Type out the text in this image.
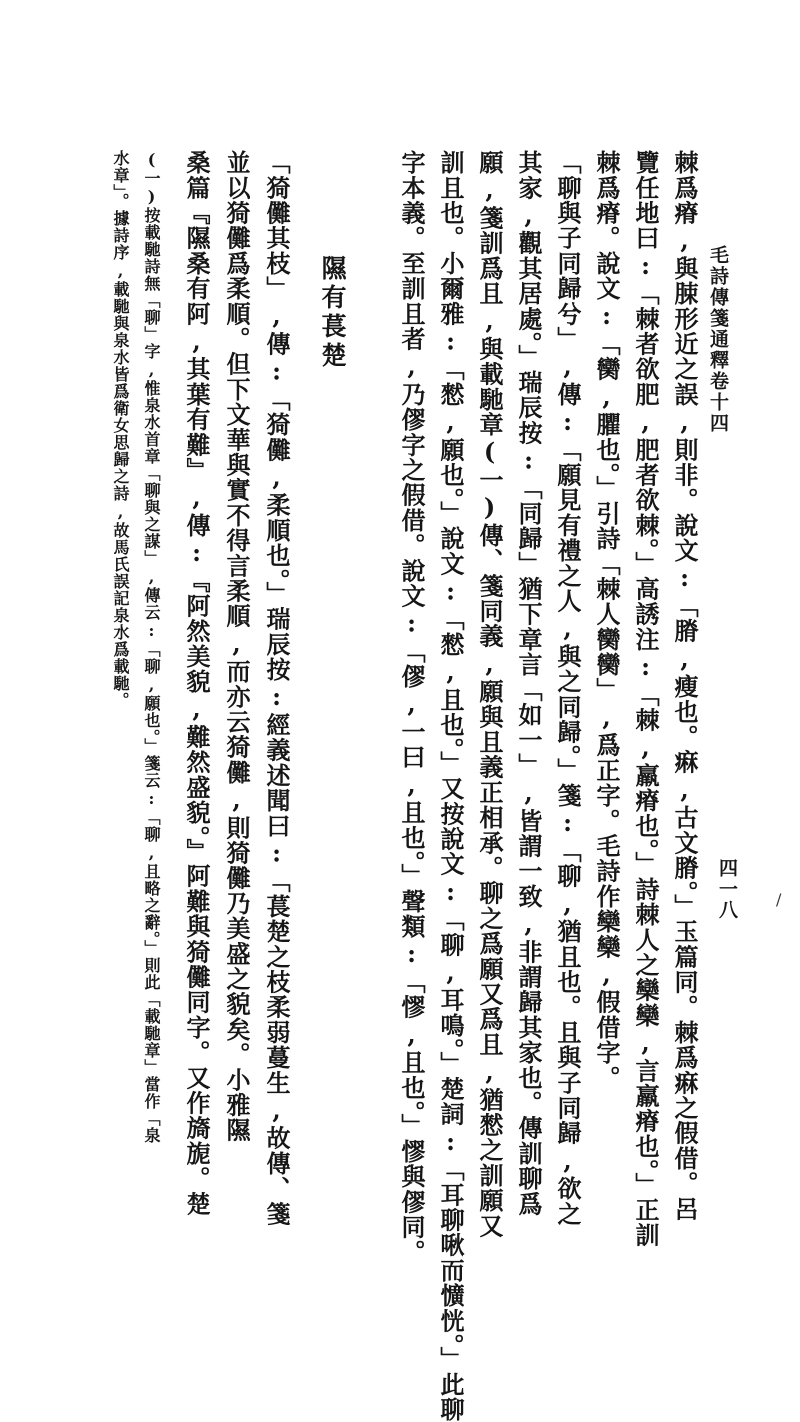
毛詩傳箋通釋卷十四
四一八 /
棘爲瘠,與脨形近之誤,則非。說文:「膌,瘦也。痳,古文膌。」玉篇同。棘爲痳之假借。呂
覽任地曰:「棘者欲肥,肥者欲棘。」高誘注:「棘,羸瘠也。」詩棘人之欒欒,言羸瘠也。」正訓
棘爲瘠。說文:「臠,臞也。」引詩「棘人臠臠」,爲正字。毛詩作欒欒,假借字。
「聊與子同歸兮」,傳:「願見有禮之人,與之同歸。」箋:「聊,猶且也。且與子同歸,欲之
其家,觀其居處。」瑞辰按:「同歸」猶下章言「如一」,皆謂一致,非謂歸其家也。傳訓聊爲
願,箋訓爲且,與載馳章(一)傳、箋同義,願與且義正相承。聊之爲願又爲且,猶憖之訓願又
訓且也。小爾雅:「憖,願也。」說文:「憖,且也。」又按說文:「聊,耳鳴。」楚詞:「耳聊啾而懭恍。」此聊
字本義。至訓且者,乃僇字之假借。說文:「僇,一曰,且也。」聲類:「憀,且也。」憀與僇同。
隰有萇楚
「猗儺其枝」,傳:「猗儺,柔順也。」瑞辰按:經義述聞曰:「萇楚之枝柔弱蔓生,故傳、箋
並以猗儺爲柔順。但下文華與實不得言柔順,而亦云猗儺,則猗儺乃美盛之貌矣。小雅隰
桑篇『隰桑有阿,其葉有難』,傳:『阿然美貌,難然盛貌。』阿難與猗儺同字。又作旖旎。楚
(一)按載馳詩無「聊」字,惟泉水首章「聊與之謀」,傳云:「聊,願也。」箋云:「聊,且略之辭。」則此「載馳章」當作「泉
水章」。據詩序,載馳與泉水皆爲衛女思歸之詩,故馬氏誤記泉水爲載馳。
